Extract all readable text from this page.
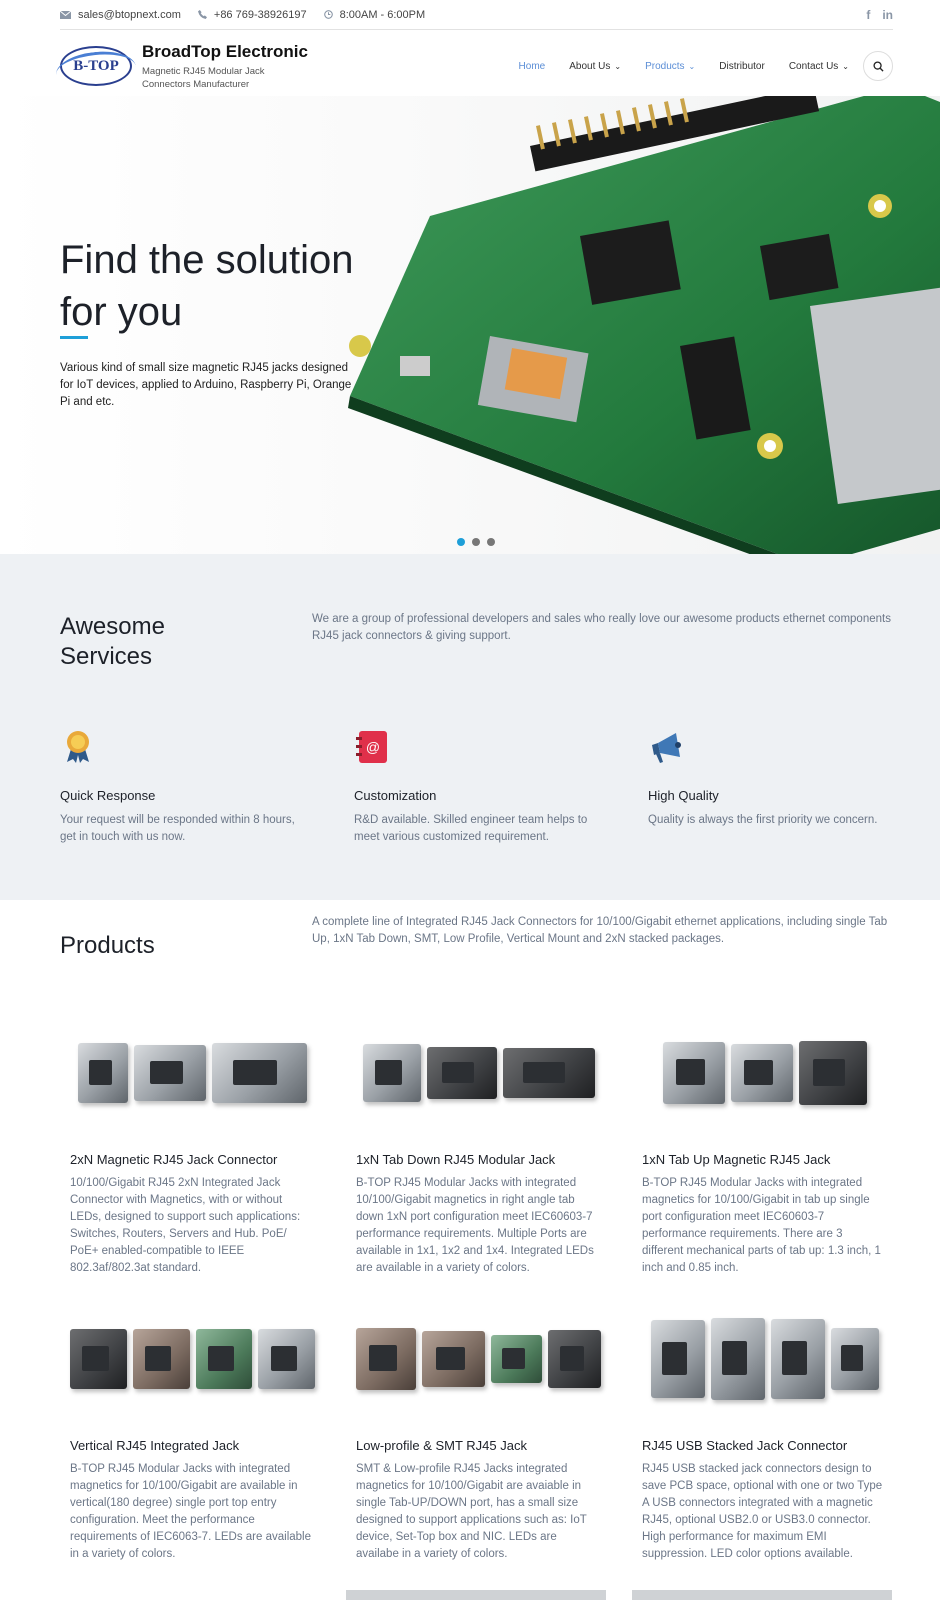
sales@btopnext.com	+86 769-38926197	8:00AM - 6:00PM	f in
B-TOP
BroadTop Electronic
Magnetic RJ45 Modular Jack Connectors Manufacturer
Home About Us ⌄ Products ⌄ Distributor Contact Us ⌄
Find the solution for you

Various kind of small size magnetic RJ45 jacks designed for IoT devices, applied to Arduino, Raspberry Pi, Orange Pi and etc.

Awesome Services
We are a group of professional developers and sales who really love our awesome products ethernet components RJ45 jack connectors & giving support.
Quick Response

Your request will be responded within 8 hours, get in touch with us now.

@
Customization

R&D available. Skilled engineer team helps to meet various customized requirement.

High Quality

Quality is always the first priority we concern.

Products
A complete line of Integrated RJ45 Jack Connectors for 10/100/Gigabit ethernet applications, including single Tab Up, 1xN Tab Down, SMT, Low Profile, Vertical Mount and 2xN stacked packages.
2xN Magnetic RJ45 Jack Connector

10/100/Gigabit RJ45 2xN Integrated Jack Connector with Magnetics, with or without LEDs, designed to support such applications: Switches, Routers, Servers and Hub. PoE/ PoE+ enabled-compatible to IEEE 802.3af/802.3at standard.

1xN Tab Down RJ45 Modular Jack

B-TOP RJ45 Modular Jacks with integrated 10/100/Gigabit magnetics in right angle tab down 1xN port configuration meet IEC60603-7 performance requirements. Multiple Ports are available in 1x1, 1x2 and 1x4. Integrated LEDs are available in a variety of colors.

1xN Tab Up Magnetic RJ45 Jack

B-TOP RJ45 Modular Jacks with integrated magnetics for 10/100/Gigabit in tab up single port configuration meet IEC60603-7 performance requirements. There are 3 different mechanical parts of tab up: 1.3 inch, 1 inch and 0.85 inch.

Vertical RJ45 Integrated Jack

B-TOP RJ45 Modular Jacks with integrated magnetics for 10/100/Gigabit are available in vertical(180 degree) single port top entry configuration. Meet the performance requirements of IEC6063-7. LEDs are available in a variety of colors.

Low-profile & SMT RJ45 Jack

SMT & Low-profile RJ45 Jacks integrated magnetics for 10/100/Gigabit are avaiable in single Tab-UP/DOWN port, has a small size designed to support applications such as: IoT device, Set-Top box and NIC. LEDs are availabe in a variety of colors.

RJ45 USB Stacked Jack Connector

RJ45 USB stacked jack connectors design to save PCB space, optional with one or two Type A USB connectors integrated with a magnetic RJ45, optional USB2.0 or USB3.0 connector. High performance for maximum EMI suppression. LED color options available.
